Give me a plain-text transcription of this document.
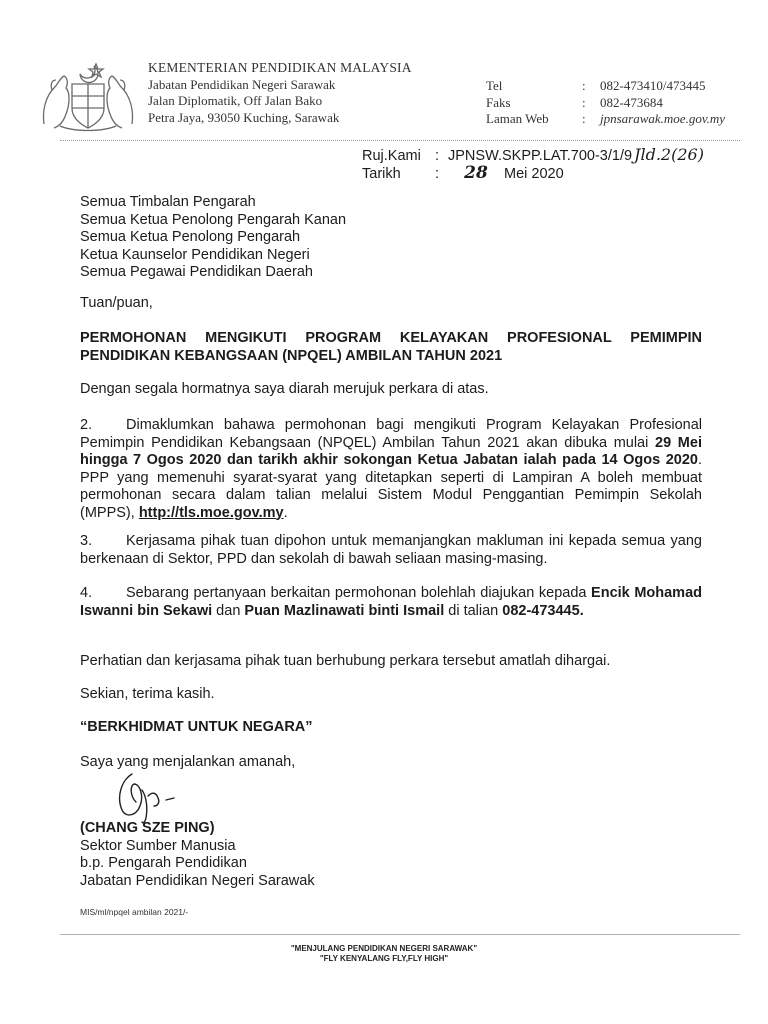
KEMENTERIAN PENDIDIKAN MALAYSIA
Jabatan Pendidikan Negeri Sarawak
Jalan Diplomatik, Off Jalan Bako
Petra Jaya, 93050 Kuching, Sarawak
Tel	:	082-473410/473445
Faks	:	082-473684
Laman Web	:	jpnsarawak.moe.gov.my
Ruj.Kami : JPNSW.SKPP.LAT.700-3/1/9 Jld.2(26)
Tarikh	:	28	Mei 2020
Semua Timbalan Pengarah
Semua Ketua Penolong Pengarah Kanan
Semua Ketua Penolong Pengarah
Ketua Kaunselor Pendidikan Negeri
Semua Pegawai Pendidikan Daerah
Tuan/puan,
PERMOHONAN MENGIKUTI PROGRAM KELAYAKAN PROFESIONAL PEMIMPIN PENDIDIKAN KEBANGSAAN (NPQEL) AMBILAN TAHUN 2021
Dengan segala hormatnya saya diarah merujuk perkara di atas.
2. Dimaklumkan bahawa permohonan bagi mengikuti Program Kelayakan Profesional Pemimpin Pendidikan Kebangsaan (NPQEL) Ambilan Tahun 2021 akan dibuka mulai 29 Mei hingga 7 Ogos 2020 dan tarikh akhir sokongan Ketua Jabatan ialah pada 14 Ogos 2020. PPP yang memenuhi syarat-syarat yang ditetapkan seperti di Lampiran A boleh membuat permohonan secara dalam talian melalui Sistem Modul Penggantian Pemimpin Sekolah (MPPS), http://tls.moe.gov.my.
3. Kerjasama pihak tuan dipohon untuk memanjangkan makluman ini kepada semua yang berkenaan di Sektor, PPD dan sekolah di bawah seliaan masing-masing.
4. Sebarang pertanyaan berkaitan permohonan bolehlah diajukan kepada Encik Mohamad Iswanni bin Sekawi dan Puan Mazlinawati binti Ismail di talian 082-473445.
Perhatian dan kerjasama pihak tuan berhubung perkara tersebut amatlah dihargai.
Sekian, terima kasih.
“BERKHIDMAT UNTUK NEGARA”
Saya yang menjalankan amanah,
(CHANG SZE PING)
Sektor Sumber Manusia
b.p. Pengarah Pendidikan
Jabatan Pendidikan Negeri Sarawak
MIS/ml/npqel ambilan 2021/-
"MENJULANG PENDIDIKAN NEGERI SARAWAK"
"FLY KENYALANG FLY,FLY HIGH"
